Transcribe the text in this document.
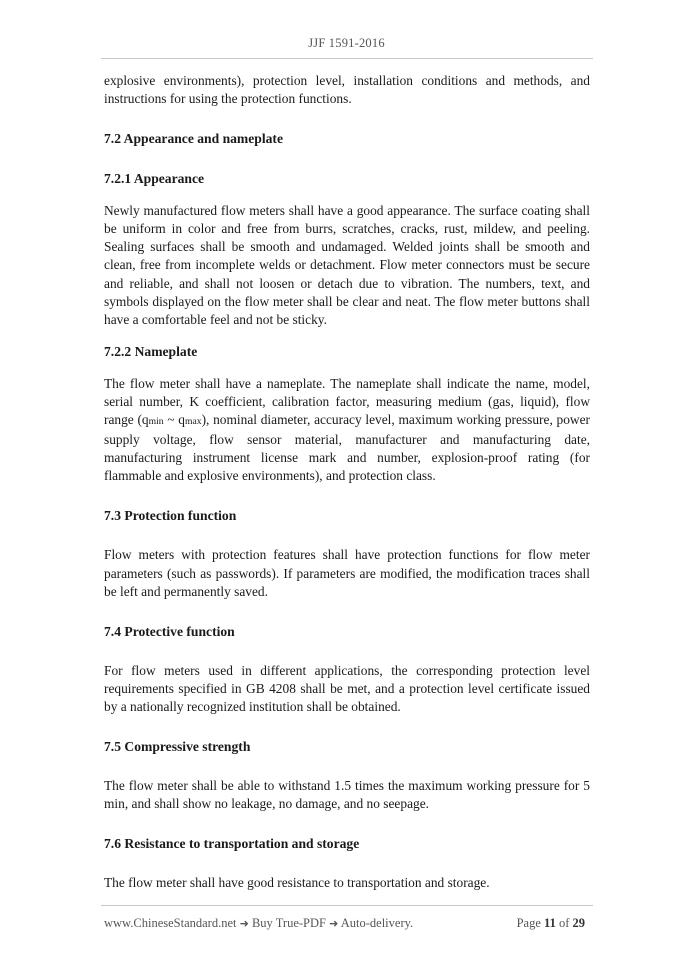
JJF 1591-2016

explosive environments), protection level, installation conditions and methods, and instructions for using the protection functions.

7.2 Appearance and nameplate

7.2.1 Appearance

Newly manufactured flow meters shall have a good appearance. The surface coating shall be uniform in color and free from burrs, scratches, cracks, rust, mildew, and peeling. Sealing surfaces shall be smooth and undamaged. Welded joints shall be smooth and clean, free from incomplete welds or detachment. Flow meter connectors must be secure and reliable, and shall not loosen or detach due to vibration. The numbers, text, and symbols displayed on the flow meter shall be clear and neat. The flow meter buttons shall have a comfortable feel and not be sticky.

7.2.2 Nameplate

The flow meter shall have a nameplate. The nameplate shall indicate the name, model, serial number, K coefficient, calibration factor, measuring medium (gas, liquid), flow range (qmin ~ qmax), nominal diameter, accuracy level, maximum working pressure, power supply voltage, flow sensor material, manufacturer and manufacturing date, manufacturing instrument license mark and number, explosion-proof rating (for flammable and explosive environments), and protection class.

7.3 Protection function

Flow meters with protection features shall have protection functions for flow meter parameters (such as passwords). If parameters are modified, the modification traces shall be left and permanently saved.

7.4 Protective function

For flow meters used in different applications, the corresponding protection level requirements specified in GB 4208 shall be met, and a protection level certificate issued by a nationally recognized institution shall be obtained.

7.5 Compressive strength

The flow meter shall be able to withstand 1.5 times the maximum working pressure for 5 min, and shall show no leakage, no damage, and no seepage.

7.6 Resistance to transportation and storage

The flow meter shall have good resistance to transportation and storage.

www.ChineseStandard.net ➜ Buy True-PDF ➜ Auto-delivery.	Page 11 of 29
